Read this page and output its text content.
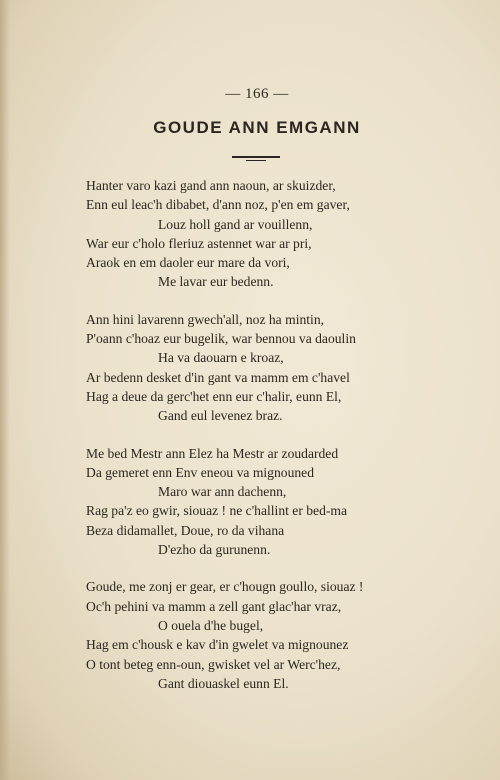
— 166 —
GOUDE ANN EMGANN
Hanter varo kazi gand ann naoun, ar skuizder,
Enn eul leac'h dibabet, d'ann noz, p'en em gaver,
Louz holl gand ar vouillenn,
War eur c'holo fleriuz astennet war ar pri,
Araok en em daoler eur mare da vori,
Me lavar eur bedenn.
Ann hini lavarenn gwech'all, noz ha mintin,
P'oann c'hoaz eur bugelik, war bennou va daoulin
Ha va daouarn e kroaz,
Ar bedenn desket d'in gant va mamm em c'havel
Hag a deue da gerc'het enn eur c'halir, eunn El,
Gand eul levenez braz.
Me bed Mestr ann Elez ha Mestr ar zoudarded
Da gemeret enn Env eneou va mignouned
Maro war ann dachenn,
Rag pa'z eo gwir, siouaz ! ne c'hallint er bed-ma
Beza didamallet, Doue, ro da vihana
D'ezho da gurunenn.
Goude, me zonj er gear, er c'hougn goullo, siouaz !
Oc'h pehini va mamm a zell gant glac'har vraz,
O ouela d'he bugel,
Hag em c'housk e kav d'in gwelet va mignounez
O tont beteg enn-oun, gwisket vel ar Werc'hez,
Gant diouaskel eunn El.
